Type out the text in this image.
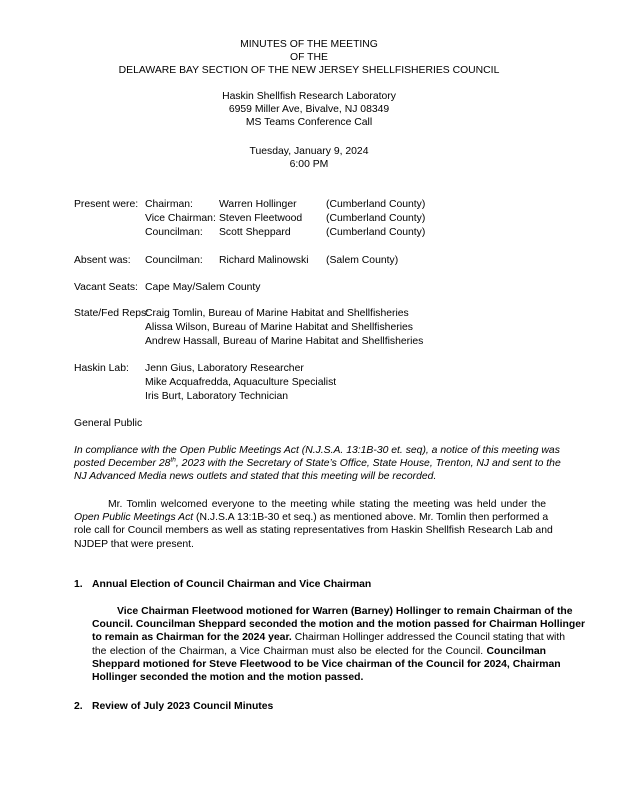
MINUTES OF THE MEETING
OF THE
DELAWARE BAY SECTION OF THE NEW JERSEY SHELLFISHERIES COUNCIL
Haskin Shellfish Research Laboratory
6959 Miller Ave, Bivalve, NJ 08349
MS Teams Conference Call
Tuesday, January 9, 2024
6:00 PM
Present were: Chairman:	Warren Hollinger	(Cumberland County)
Vice Chairman: Steven Fleetwood (Cumberland County)
Councilman: Scott Sheppard	(Cumberland County)
Absent was: Councilman: Richard Malinowski (Salem County)
Vacant Seats: Cape May/Salem County
State/Fed Reps:
Craig Tomlin, Bureau of Marine Habitat and Shellfisheries
Alissa Wilson, Bureau of Marine Habitat and Shellfisheries
Andrew Hassall, Bureau of Marine Habitat and Shellfisheries
Haskin Lab: Jenn Gius, Laboratory Researcher
Mike Acquafredda, Aquaculture Specialist
Iris Burt, Laboratory Technician
General Public
In compliance with the Open Public Meetings Act (N.J.S.A. 13:1B-30 et. seq), a notice of this meeting was
posted December 28th, 2023 with the Secretary of State’s Office, State House, Trenton, NJ and sent to the
NJ Advanced Media news outlets and stated that this meeting will be recorded.
Mr. Tomlin welcomed everyone to the meeting while stating the meeting was held under the
Open Public Meetings Act (N.J.S.A 13:1B-30 et seq.) as mentioned above. Mr. Tomlin then performed a
role call for Council members as well as stating representatives from Haskin Shellfish Research Lab and
NJDEP that were present.
1. Annual Election of Council Chairman and Vice Chairman
Vice Chairman Fleetwood motioned for Warren (Barney) Hollinger to remain Chairman of the
Council. Councilman Sheppard seconded the motion and the motion passed for Chairman Hollinger
to remain as Chairman for the 2024 year. Chairman Hollinger addressed the Council stating that with
the election of the Chairman, a Vice Chairman must also be elected for the Council. Councilman
Sheppard motioned for Steve Fleetwood to be Vice chairman of the Council for 2024, Chairman
Hollinger seconded the motion and the motion passed.
2. Review of July 2023 Council Minutes
